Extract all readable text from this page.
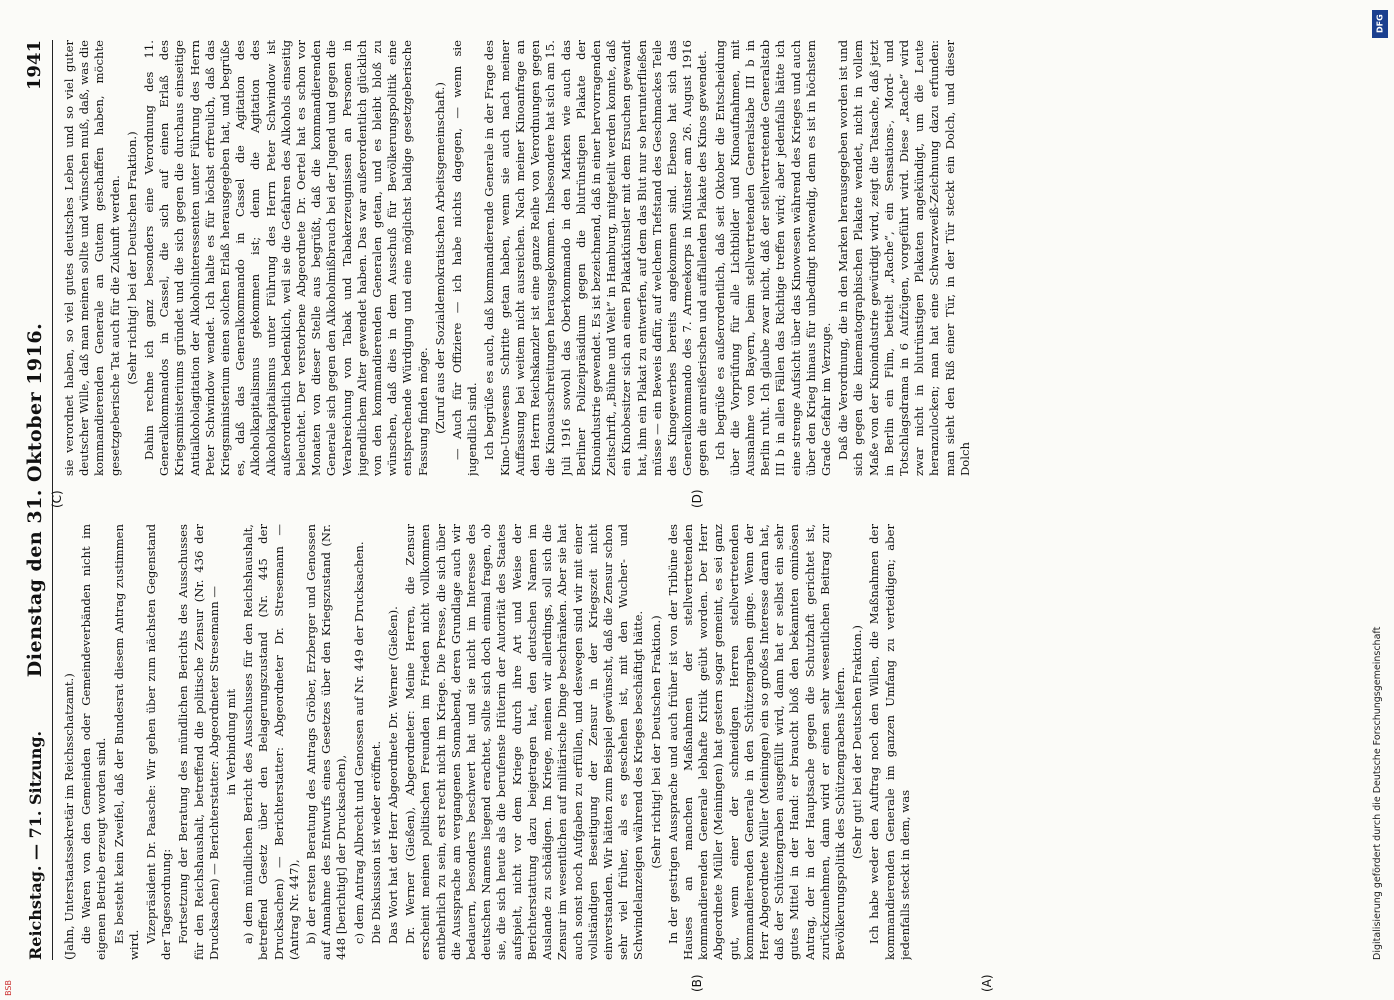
Reichstag. — 71. Sitzung.
Dienstag den 31. Oktober 1916.
1941
(A)
(B)
(C)	(D)

(Jahn, Unterstaatssekretär im Reichsschatzamt.) die Waren von den Gemeinden oder Gemeindeverbänden nicht im eigenen Betrieb erzeugt worden sind. Es besteht kein Zweifel, daß der Bundesrat diesem Antrag zustimmen wird.

Vizepräsident Dr. Paasche: Wir gehen über zum nächsten Gegenstand der Tagesordnung: Fortsetzung der Beratung des mündlichen Berichts des Ausschusses für den Reichshaushalt, betreffend die politische Zensur (Nr. 436 der Drucksachen) — Berichterstatter: Abgeordneter Stresemann — in Verbindung mit a) dem mündlichen Bericht des Ausschusses für den Reichshaushalt, betreffend Gesetz über den Belagerungszustand (Nr. 445 der Drucksachen) — Berichterstatter: Abgeordneter Dr. Stresemann — (Antrag Nr. 447), b) der ersten Beratung des Antrags Gröber, Erzberger und Genossen auf Annahme des Entwurfs eines Gesetzes über den Kriegszustand (Nr. 448 [berichtigt] der Drucksachen), c) dem Antrag Albrecht und Genossen auf Nr. 449 der Drucksachen. Die Diskussion ist wieder eröffnet. Das Wort hat der Herr Abgeordnete Dr. Werner (Gießen). Dr. Werner (Gießen), Abgeordneter: Meine Herren, die Zensur erscheint meinen politischen Freunden im Frieden nicht vollkommen entbehrlich zu sein, erst recht nicht im Kriege. Die Presse, die sich über die Aussprache am vergangenen Sonnabend, deren Grundlage auch wir bedauern, besonders beschwert hat und sie nicht im Interesse des deutschen Namens liegend erachtet, sollte sich doch einmal fragen, ob sie, die sich heute als die berufenste Hüterin der Autorität des Staates aufspielt, nicht vor dem Kriege durch ihre Art und Weise der Berichterstattung dazu beigetragen hat, den deutschen Namen im Auslande zu schädigen. Im Kriege, meinen wir allerdings, soll sich die Zensur im wesentlichen auf militärische Dinge beschränken. Aber sie hat auch sonst noch Aufgaben zu erfüllen, und deswegen sind wir mit einer vollständigen Beseitigung der Zensur in der Kriegszeit nicht einverstanden. Wir hätten zum Beispiel gewünscht, daß die Zensur schon sehr viel früher, als es geschehen ist, mit den Wucher- und Schwindelanzeigen während des Krieges beschäftigt hätte. (Sehr richtig! bei der Deutschen Fraktion.) In der gestrigen Aussprache und auch früher ist von der Tribüne des Hauses an manchen Maßnahmen der stellvertretenden kommandierenden Generale lebhafte Kritik geübt worden. Der Herr Abgeordnete Müller (Meiningen) hat gestern sogar gemeint, es sei ganz gut, wenn einer der schneidigen Herren stellvertretenden kommandierenden Generale in den Schützengraben ginge. Wenn der Herr Abgeordnete Müller (Meiningen) ein so großes Interesse daran hat, daß der Schützengraben ausgefüllt wird, dann hat er selbst ein sehr gutes Mittel in der Hand: er braucht bloß den bekannten ominösen Antrag, der in der Hauptsache gegen die Schutzhaft gerichtet ist, zurückzunehmen, dann wird er einen sehr wesentlichen Beitrag zur Bevölkerungspolitik des Schützengrabens liefern. (Sehr gut! bei der Deutschen Fraktion.) Ich habe weder den Auftrag noch den Willen, die Maßnahmen der kommandierenden Generale im ganzen Umfang zu verteidigen; aber jedenfalls steckt in dem, was

sie verordnet haben, so viel gutes deutsches Leben und so viel guter deutscher Wille, daß man meinen sollte und wünschen muß, daß, was die kommandierenden Generale an Gutem geschaffen haben, möchte gesetzgeberische Tat auch für die Zukunft werden. (Sehr richtig! bei der Deutschen Fraktion.) Dahin rechne ich ganz besonders eine Verordnung des 11. Generalkommandos in Cassel, die sich auf einen Erlaß des Kriegsministeriums gründet und die sich gegen die durchaus einseitige Antialkoholagitation der Alkoholinteressenten unter Führung des Herrn Peter Schwindow wendet. Ich halte es für höchst erfreulich, daß das Kriegsministerium einen solchen Erlaß herausgegeben hat, und begrüße es, daß das Generalkommando in Cassel die Agitation des Alkoholkapitalismus gekommen ist; denn die Agitation des Alkoholkapitalismus unter Führung des Herrn Peter Schwindow ist außerordentlich bedenklich, weil sie die Gefahren des Alkohols einseitig beleuchtet. Der verstorbene Abgeordnete Dr. Oertel hat es schon vor Monaten von dieser Stelle aus begrüßt, daß die kommandierenden Generale sich gegen den Alkoholmißbrauch bei der Jugend und gegen die Verabreichung von Tabak und Tabakerzeugnissen an Personen in jugendlichem Alter gewendet haben. Das war außerordentlich glücklich von den kommandierenden Generalen getan, und es bleibt bloß zu wünschen, daß dies in dem Ausschuß für Bevölkerungspolitik eine entsprechende Würdigung und eine möglichst baldige gesetzgeberische Fassung finden möge. (Zuruf aus der Sozialdemokratischen Arbeitsgemeinschaft.) — Auch für Offiziere — ich habe nichts dagegen, — wenn sie jugendlich sind. Ich begrüße es auch, daß kommandierende Generale in der Frage des Kino-Unwesens Schritte getan haben, wenn sie auch nach meiner Auffassung bei weitem nicht ausreichen. Nach meiner Kinoanfrage an den Herrn Reichskanzler ist eine ganze Reihe von Verordnungen gegen die Kinoausschreitungen herausgekommen. Insbesondere hat sich am 15. Juli 1916 sowohl das Oberkommando in den Marken wie auch das Berliner Polizeipräsidium gegen die blutrünstigen Plakate der Kinoindustrie gewendet. Es ist bezeichnend, daß in einer hervorragenden Zeitschrift, „Bühne und Welt“ in Hamburg, mitgeteilt werden konnte, daß ein Kinobesitzer sich an einen Plakatkünstler mit dem Ersuchen gewandt hat, ihm ein Plakat zu entwerfen, auf dem das Blut nur so herunterfließen müsse — ein Beweis dafür, auf welchem Tiefstand des Geschmackes Teile des Kinogewerbes bereits angekommen sind. Ebenso hat sich das Generalkommando des 7. Armeekorps in Münster am 26. August 1916 gegen die anreißerischen und auffallenden Plakate des Kinos gewendet. Ich begrüße es außerordentlich, daß seit Oktober die Entscheidung über die Vorprüfung für alle Lichtbilder und Kinoaufnahmen, mit Ausnahme von Bayern, beim stellvertretenden Generalstabe III b in Berlin ruht. Ich glaube zwar nicht, daß der stellvertretende Generalstab III b in allen Fällen das Richtige treffen wird; aber jedenfalls hätte ich eine strenge Aufsicht über das Kinowesen während des Krieges und auch über den Krieg hinaus für unbedingt notwendig, denn es ist in höchstem Grade Gefahr im Verzuge. Daß die Verordnung, die in den Marken herausgegeben worden ist und sich gegen die kinematographischen Plakate wendet, nicht in vollem Maße von der Kinoindustrie gewürdigt wird, zeigt die Tatsache, daß jetzt in Berlin ein Film, betitelt „Rache“, ein Sensations-, Mord- und Totschlagsdrama in 6 Aufzügen, vorgeführt wird. Diese „Rache“ wird zwar nicht in blutrünstigen Plakaten angekündigt, um die Leute heranzulocken; man hat eine Schwarzweiß-Zeichnung dazu erfunden: man sieht den Riß einer Tür, in der Tür steckt ein Dolch, und dieser Dolch

DFG
Digitalisierung gefördert durch die Deutsche Forschungsgemeinschaft
BSB
